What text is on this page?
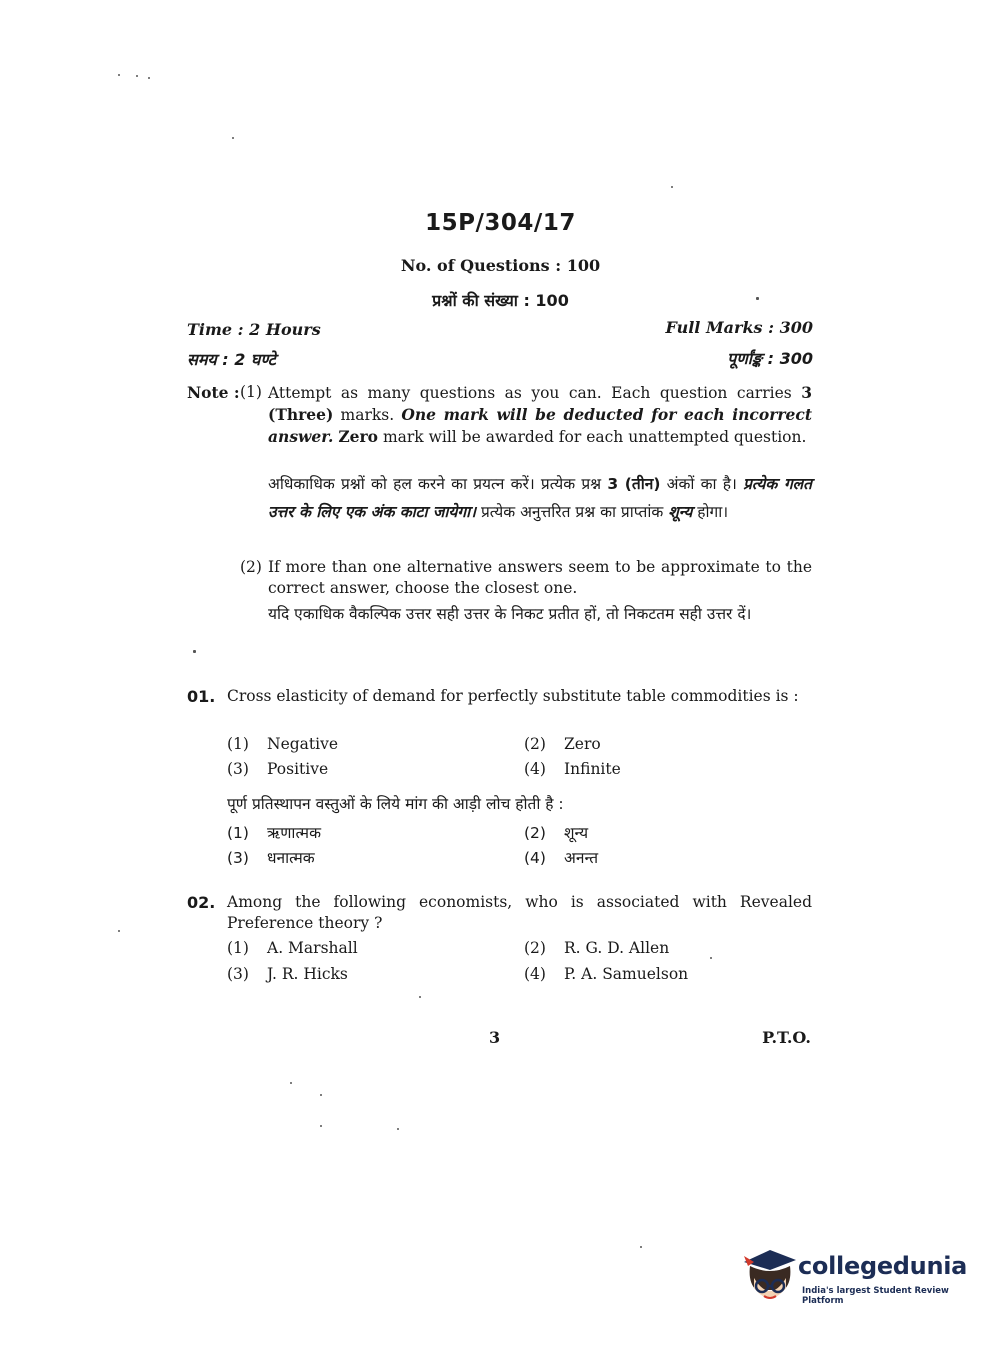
15P/304/17
No. of Questions : 100
प्रश्नों की संख्या : 100
Time : 2 Hours
समय : 2 घण्टे
Full Marks : 300
पूर्णांङ्क : 300
Note : (1) Attempt as many questions as you can. Each question carries 3 (Three) marks. One mark will be deducted for each incorrect answer. Zero mark will be awarded for each unattempted question.
अधिकाधिक प्रश्नों को हल करने का प्रयत्न करें। प्रत्येक प्रश्न 3 (तीन) अंकों का है। प्रत्येक गलत उत्तर के लिए एक अंक काटा जायेगा। प्रत्येक अनुत्तरित प्रश्न का प्राप्तांक शून्य होगा।
(2) If more than one alternative answers seem to be approximate to the correct answer, choose the closest one.
यदि एकाधिक वैकल्पिक उत्तर सही उत्तर के निकट प्रतीत हों, तो निकटतम सही उत्तर दें।
01. Cross elasticity of demand for perfectly substitute table commodities is :
(1) Negative	(2) Zero
(3) Positive	(4) Infinite
पूर्ण प्रतिस्थापन वस्तुओं के लिये मांग की आड़ी लोच होती है :
(1) ऋणात्मक	(2) शून्य
(3) धनात्मक	(4) अनन्त
02. Among the following economists, who is associated with Revealed Preference theory ?
(1) A. Marshall	(2) R. G. D. Allen
(3) J. R. Hicks	(4) P. A. Samuelson
3	P.T.O.
collegedunia
India's largest Student Review Platform
